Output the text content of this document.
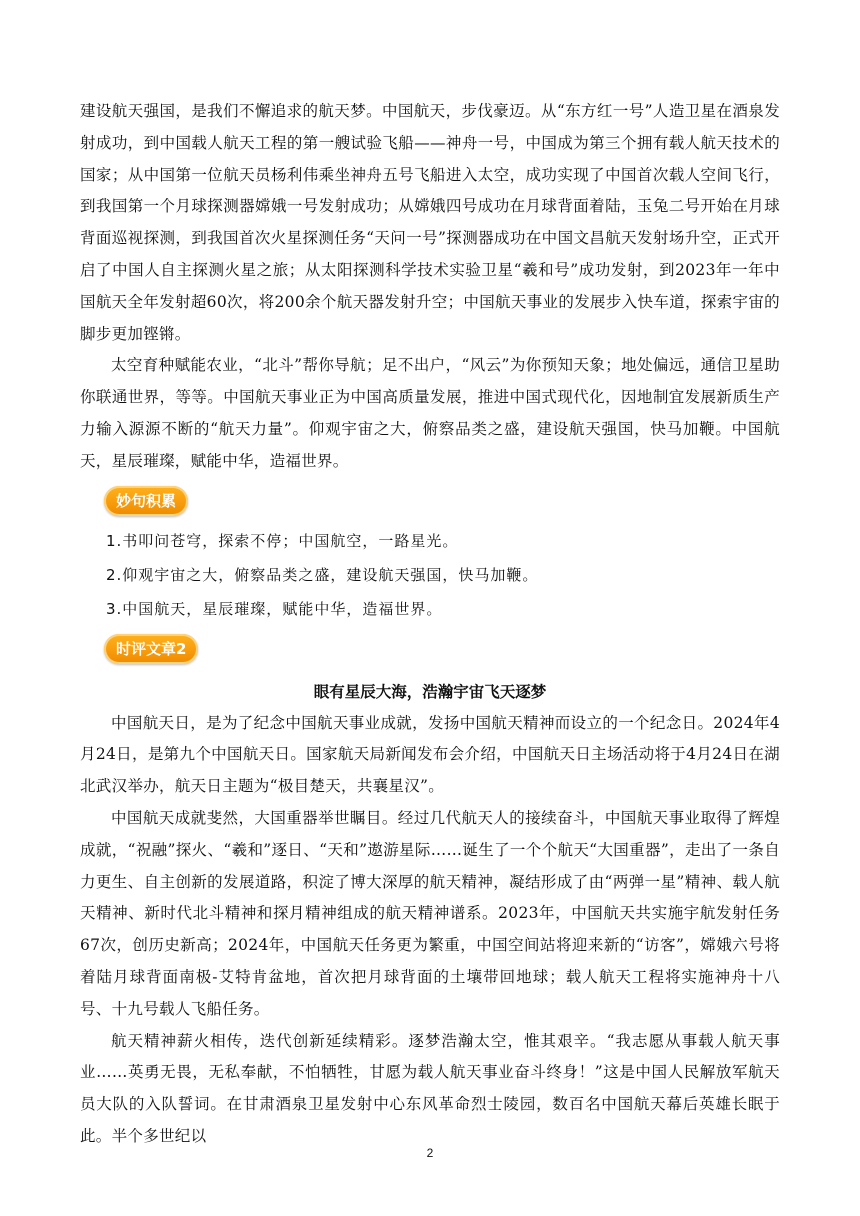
建设航天强国，是我们不懈追求的航天梦。中国航天，步伐豪迈。从“东方红一号”人造卫星在酒泉发射成功，到中国载人航天工程的第一艘试验飞船——神舟一号，中国成为第三个拥有载人航天技术的国家；从中国第一位航天员杨利伟乘坐神舟五号飞船进入太空，成功实现了中国首次载人空间飞行，到我国第一个月球探测器嫦娥一号发射成功；从嫦娥四号成功在月球背面着陆，玉兔二号开始在月球背面巡视探测，到我国首次火星探测任务“天问一号”探测器成功在中国文昌航天发射场升空，正式开启了中国人自主探测火星之旅；从太阳探测科学技术实验卫星“羲和号”成功发射，到2023年一年中国航天全年发射超60次，将200余个航天器发射升空；中国航天事业的发展步入快车道，探索宇宙的脚步更加铿锵。

太空育种赋能农业，“北斗”帮你导航；足不出户，“风云”为你预知天象；地处偏远，通信卫星助你联通世界，等等。中国航天事业正为中国高质量发展，推进中国式现代化，因地制宜发展新质生产力输入源源不断的“航天力量”。仰观宇宙之大，俯察品类之盛，建设航天强国，快马加鞭。中国航天，星辰璀璨，赋能中华，造福世界。

妙句积累

1.书叩问苍穹，探索不停；中国航空，一路星光。

2.仰观宇宙之大，俯察品类之盛，建设航天强国，快马加鞭。

3.中国航天，星辰璀璨，赋能中华，造福世界。

时评文章2
眼有星辰大海，浩瀚宇宙飞天逐梦

中国航天日，是为了纪念中国航天事业成就，发扬中国航天精神而设立的一个纪念日。2024年4月24日，是第九个中国航天日。国家航天局新闻发布会介绍，中国航天日主场活动将于4月24日在湖北武汉举办，航天日主题为“极目楚天，共襄星汉”。

中国航天成就斐然，大国重器举世瞩目。经过几代航天人的接续奋斗，中国航天事业取得了辉煌成就，“祝融”探火、“羲和”逐日、“天和”遨游星际……诞生了一个个航天“大国重器”，走出了一条自力更生、自主创新的发展道路，积淀了博大深厚的航天精神，凝结形成了由“两弹一星”精神、载人航天精神、新时代北斗精神和探月精神组成的航天精神谱系。2023年，中国航天共实施宇航发射任务67次，创历史新高；2024年，中国航天任务更为繁重，中国空间站将迎来新的“访客”，嫦娥六号将着陆月球背面南极-艾特肯盆地，首次把月球背面的土壤带回地球；载人航天工程将实施神舟十八号、十九号载人飞船任务。

航天精神薪火相传，迭代创新延续精彩。逐梦浩瀚太空，惟其艰辛。“我志愿从事载人航天事业……英勇无畏，无私奉献，不怕牺牲，甘愿为载人航天事业奋斗终身！”这是中国人民解放军航天员大队的入队誓词。在甘肃酒泉卫星发射中心东风革命烈士陵园，数百名中国航天幕后英雄长眠于此。半个多世纪以

2
